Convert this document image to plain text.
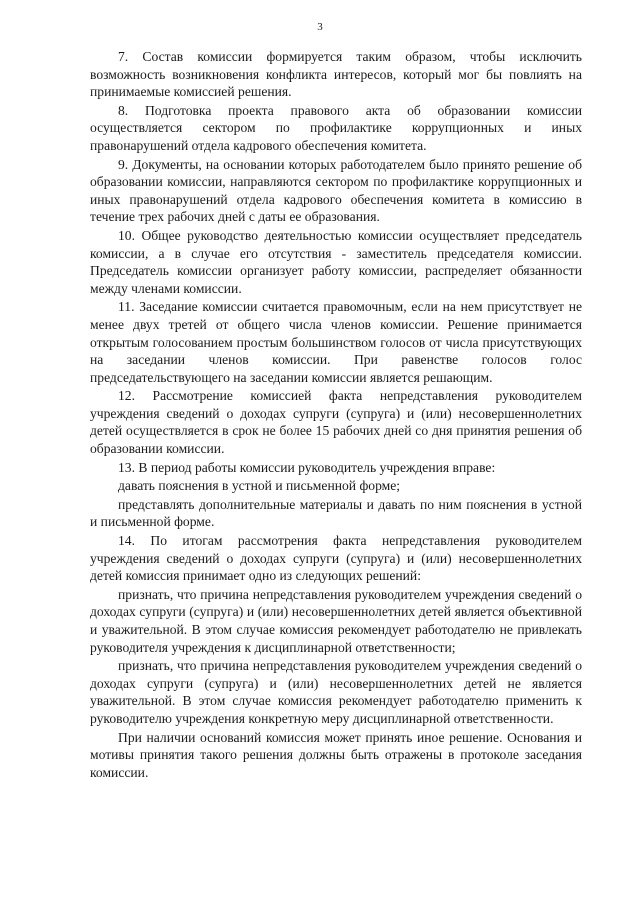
3

7. Состав комиссии формируется таким образом, чтобы исключить возможность возникновения конфликта интересов, который мог бы повлиять на принимаемые комиссией решения.

8. Подготовка проекта правового акта об образовании комиссии осуществляется сектором по профилактике коррупционных и иных правонарушений отдела кадрового обеспечения комитета.

9. Документы, на основании которых работодателем было принято решение об образовании комиссии, направляются сектором по профилактике коррупционных и иных правонарушений отдела кадрового обеспечения комитета в комиссию в течение трех рабочих дней с даты ее образования.

10. Общее руководство деятельностью комиссии осуществляет председатель комиссии, а в случае его отсутствия - заместитель председателя комиссии. Председатель комиссии организует работу комиссии, распределяет обязанности между членами комиссии.

11. Заседание комиссии считается правомочным, если на нем присутствует не менее двух третей от общего числа членов комиссии. Решение принимается открытым голосованием простым большинством голосов от числа присутствующих на заседании членов комиссии. При равенстве голосов голос председательствующего на заседании комиссии является решающим.

12. Рассмотрение комиссией факта непредставления руководителем учреждения сведений о доходах супруги (супруга) и (или) несовершеннолетних детей осуществляется в срок не более 15 рабочих дней со дня принятия решения об образовании комиссии.

13. В период работы комиссии руководитель учреждения вправе:

давать пояснения в устной и письменной форме;

представлять дополнительные материалы и давать по ним пояснения в устной и письменной форме.

14. По итогам рассмотрения факта непредставления руководителем учреждения сведений о доходах супруги (супруга) и (или) несовершеннолетних детей комиссия принимает одно из следующих решений:

признать, что причина непредставления руководителем учреждения сведений о доходах супруги (супруга) и (или) несовершеннолетних детей является объективной и уважительной. В этом случае комиссия рекомендует работодателю не привлекать руководителя учреждения к дисциплинарной ответственности;

признать, что причина непредставления руководителем учреждения сведений о доходах супруги (супруга) и (или) несовершеннолетних детей не является уважительной. В этом случае комиссия рекомендует работодателю применить к руководителю учреждения конкретную меру дисциплинарной ответственности.

При наличии оснований комиссия может принять иное решение. Основания и мотивы принятия такого решения должны быть отражены в протоколе заседания комиссии.
